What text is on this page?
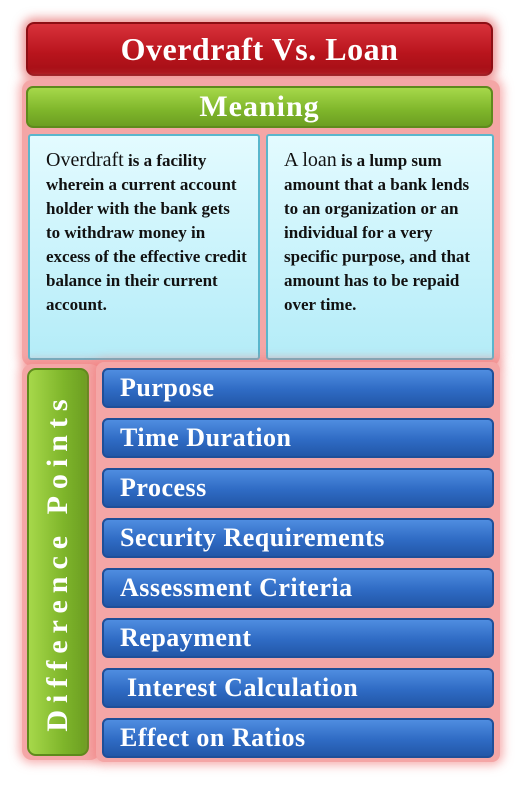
Overdraft Vs. Loan
Meaning
Overdraft is a facility wherein a current account holder with the bank gets to withdraw money in excess of the effective credit balance in their current account.
A loan is a lump sum amount that a bank lends to an organization or an individual for a very specific purpose, and that amount has to be repaid over time.
Difference Points
Purpose
Time Duration
Process
Security Requirements
Assessment Criteria
Repayment
Interest Calculation
Effect on Ratios
